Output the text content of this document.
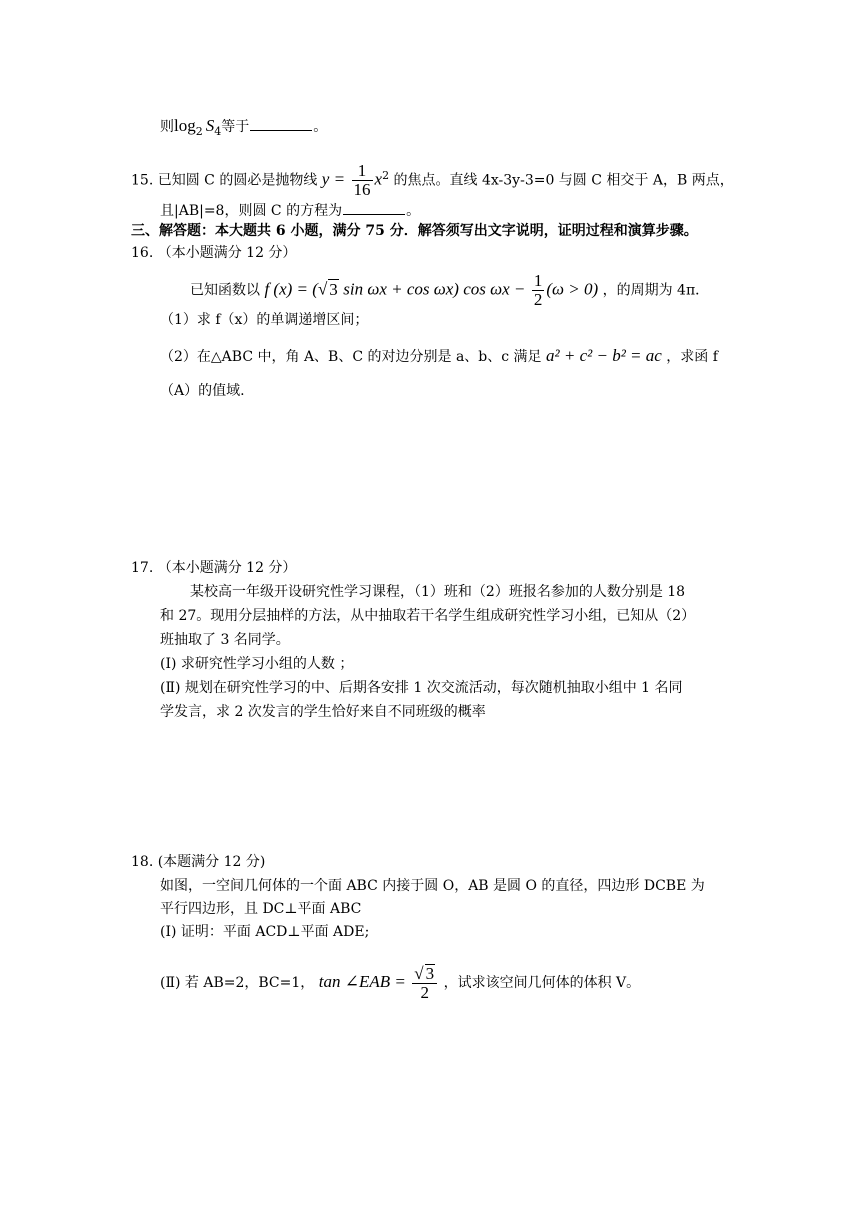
则$\log_2 S_4$等于	。
15. 已知圆 C 的圆必是抛物线 $y = \frac{1}{16} x^2$ 的焦点。直线 4x-3y-3=0 与圆 C 相交于 A，B 两点，
且|AB|=8，则圆 C 的方程为	。
三、解答题：本大题共 6 小题，满分 75 分．解答须写出文字说明，证明过程和演算步骤。
16. （本小题满分 12 分）
已知函数以 f (x) = (√ 3 sin ωx + cos ωx) $\cos \omega x - \frac{1}{2} (\omega > 0)$ ，的周期为 4π．
（1）求 f（x）的单调递增区间；
（2）在△ABC 中，角 A、B、C 的对边分别是 a、b、c 满足 a² + c² − b² = ac ，求函 f
（A）的值域.
17. （本小题满分 12 分）
某校高一年级开设研究性学习课程，（1）班和（2）班报名参加的人数分别是 18
和 27。现用分层抽样的方法，从中抽取若干名学生组成研究性学习小组，已知从（2）
班抽取了 3 名同学。
(Ⅰ) 求研究性学习小组的人数 ；
(Ⅱ) 规划在研究性学习的中、后期各安排 1 次交流活动，每次随机抽取小组中 1 名同
学发言，求 2 次发言的学生恰好来自不同班级的概率
18. (本题满分 12 分)
如图，一空间几何体的一个面 ABC 内接于圆 O，AB 是圆 O 的直径，四边形 DCBE 为
平行四边形，且 DC⊥平面 ABC
(Ⅰ) 证明：平面 ACD⊥平面 ADE;
(Ⅱ) 若 AB=2，BC=1， tan ∠EAB = $\frac{√ 3}{2}$ ，试求该空间几何体的体积 V。
